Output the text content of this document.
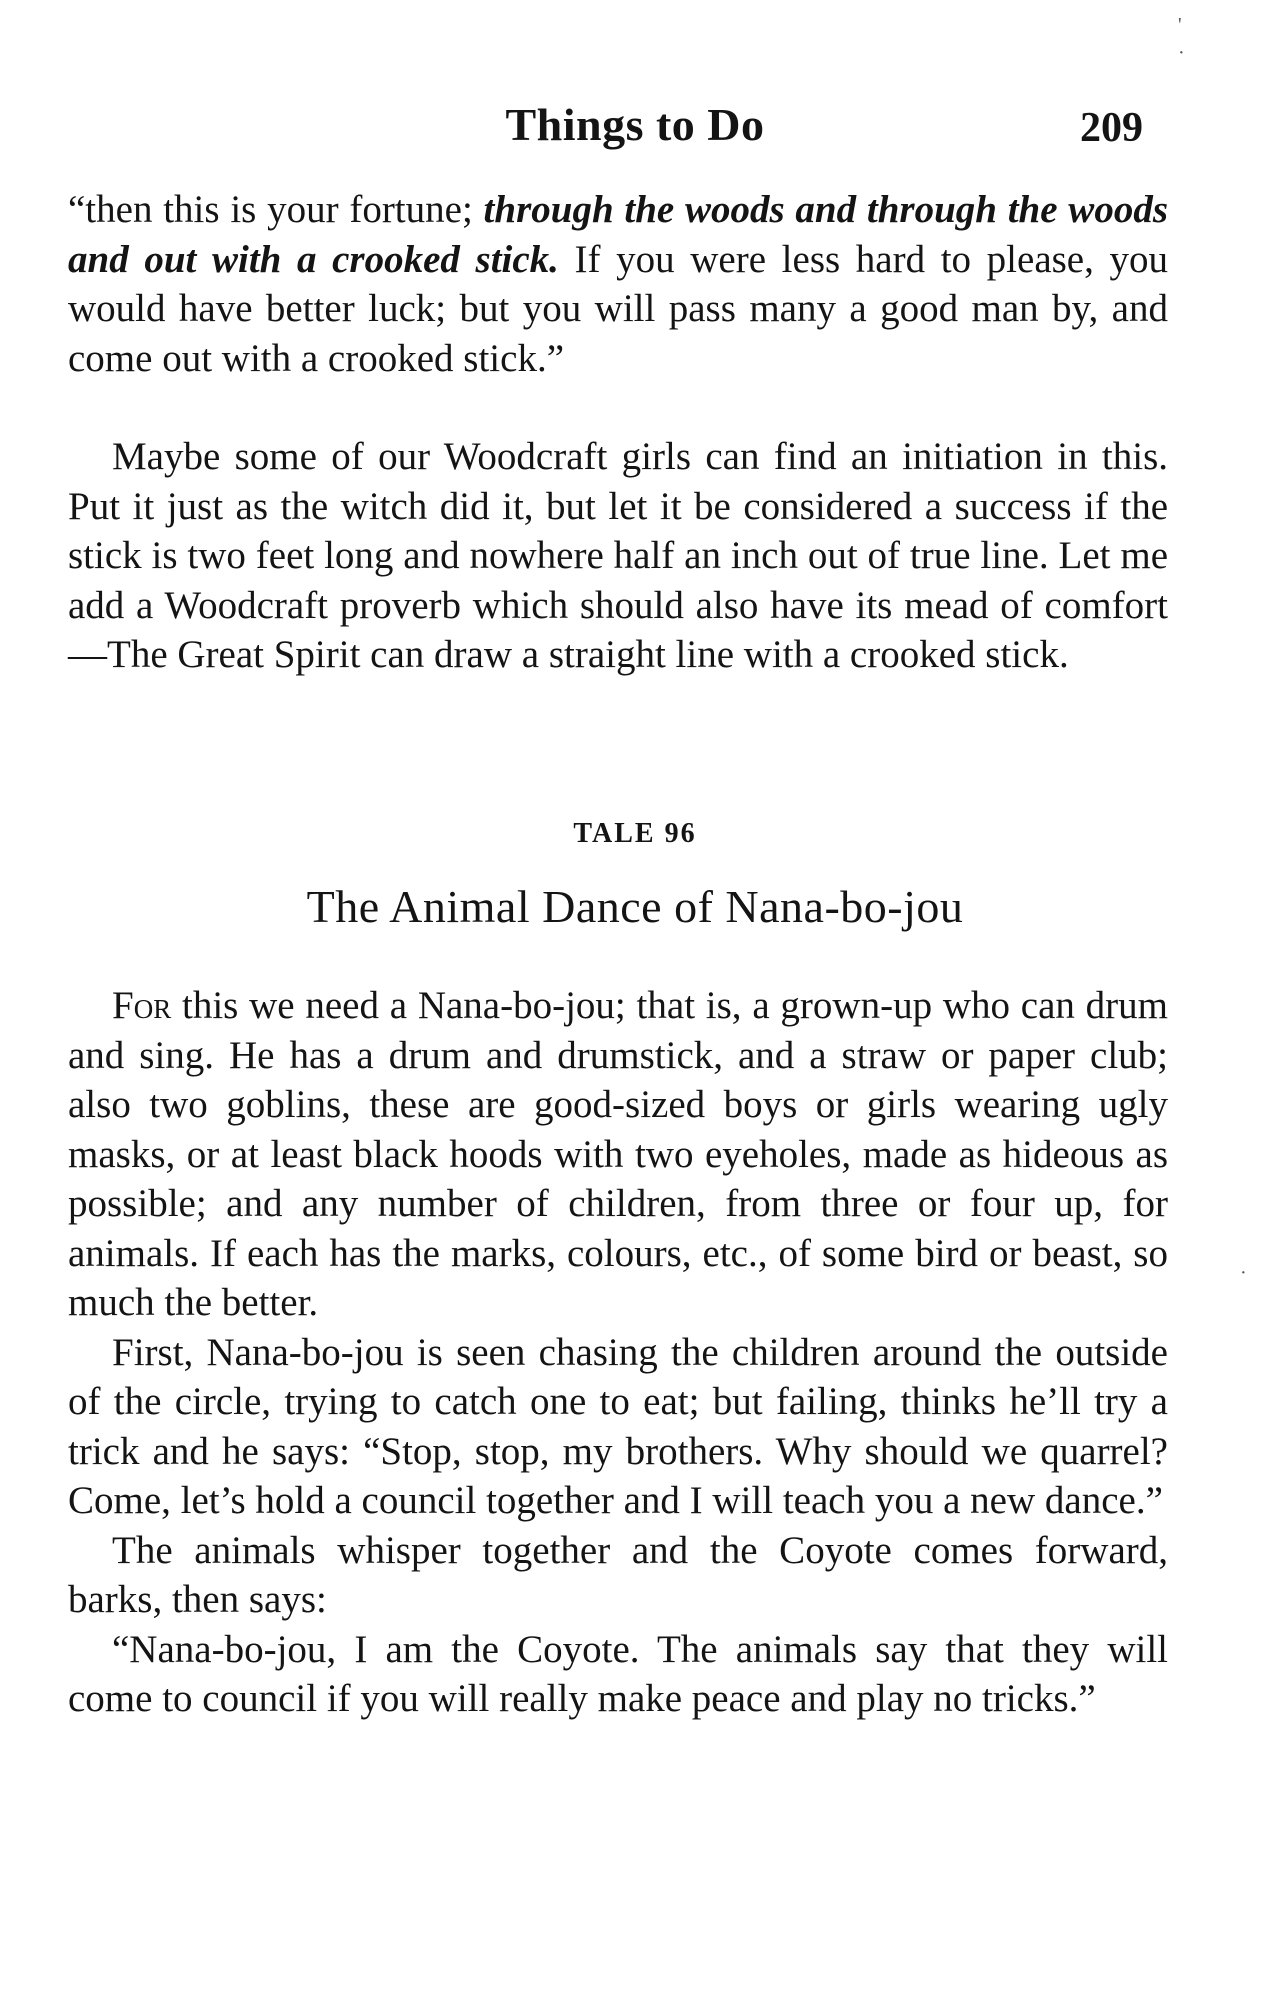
Things to Do	209

“then this is your fortune; through the woods and through the woods and out with a crooked stick. If you were less hard to please, you would have better luck; but you will pass many a good man by, and come out with a crooked stick.”

Maybe some of our Woodcraft girls can find an initiation in this. Put it just as the witch did it, but let it be considered a success if the stick is two feet long and nowhere half an inch out of true line. Let me add a Woodcraft proverb which should also have its mead of comfort—The Great Spirit can draw a straight line with a crooked stick.

TALE 96
The Animal Dance of Nana-bo-jou

For this we need a Nana-bo-jou; that is, a grown-up who can drum and sing. He has a drum and drumstick, and a straw or paper club; also two goblins, these are good-sized boys or girls wearing ugly masks, or at least black hoods with two eyeholes, made as hideous as possible; and any number of children, from three or four up, for animals. If each has the marks, colours, etc., of some bird or beast, so much the better.

First, Nana-bo-jou is seen chasing the children around the outside of the circle, trying to catch one to eat; but failing, thinks he’ll try a trick and he says: “Stop, stop, my brothers. Why should we quarrel? Come, let’s hold a council together and I will teach you a new dance.”

The animals whisper together and the Coyote comes forward, barks, then says:

“Nana-bo-jou, I am the Coyote. The animals say that they will come to council if you will really make peace and play no tricks.”

'
·
·
